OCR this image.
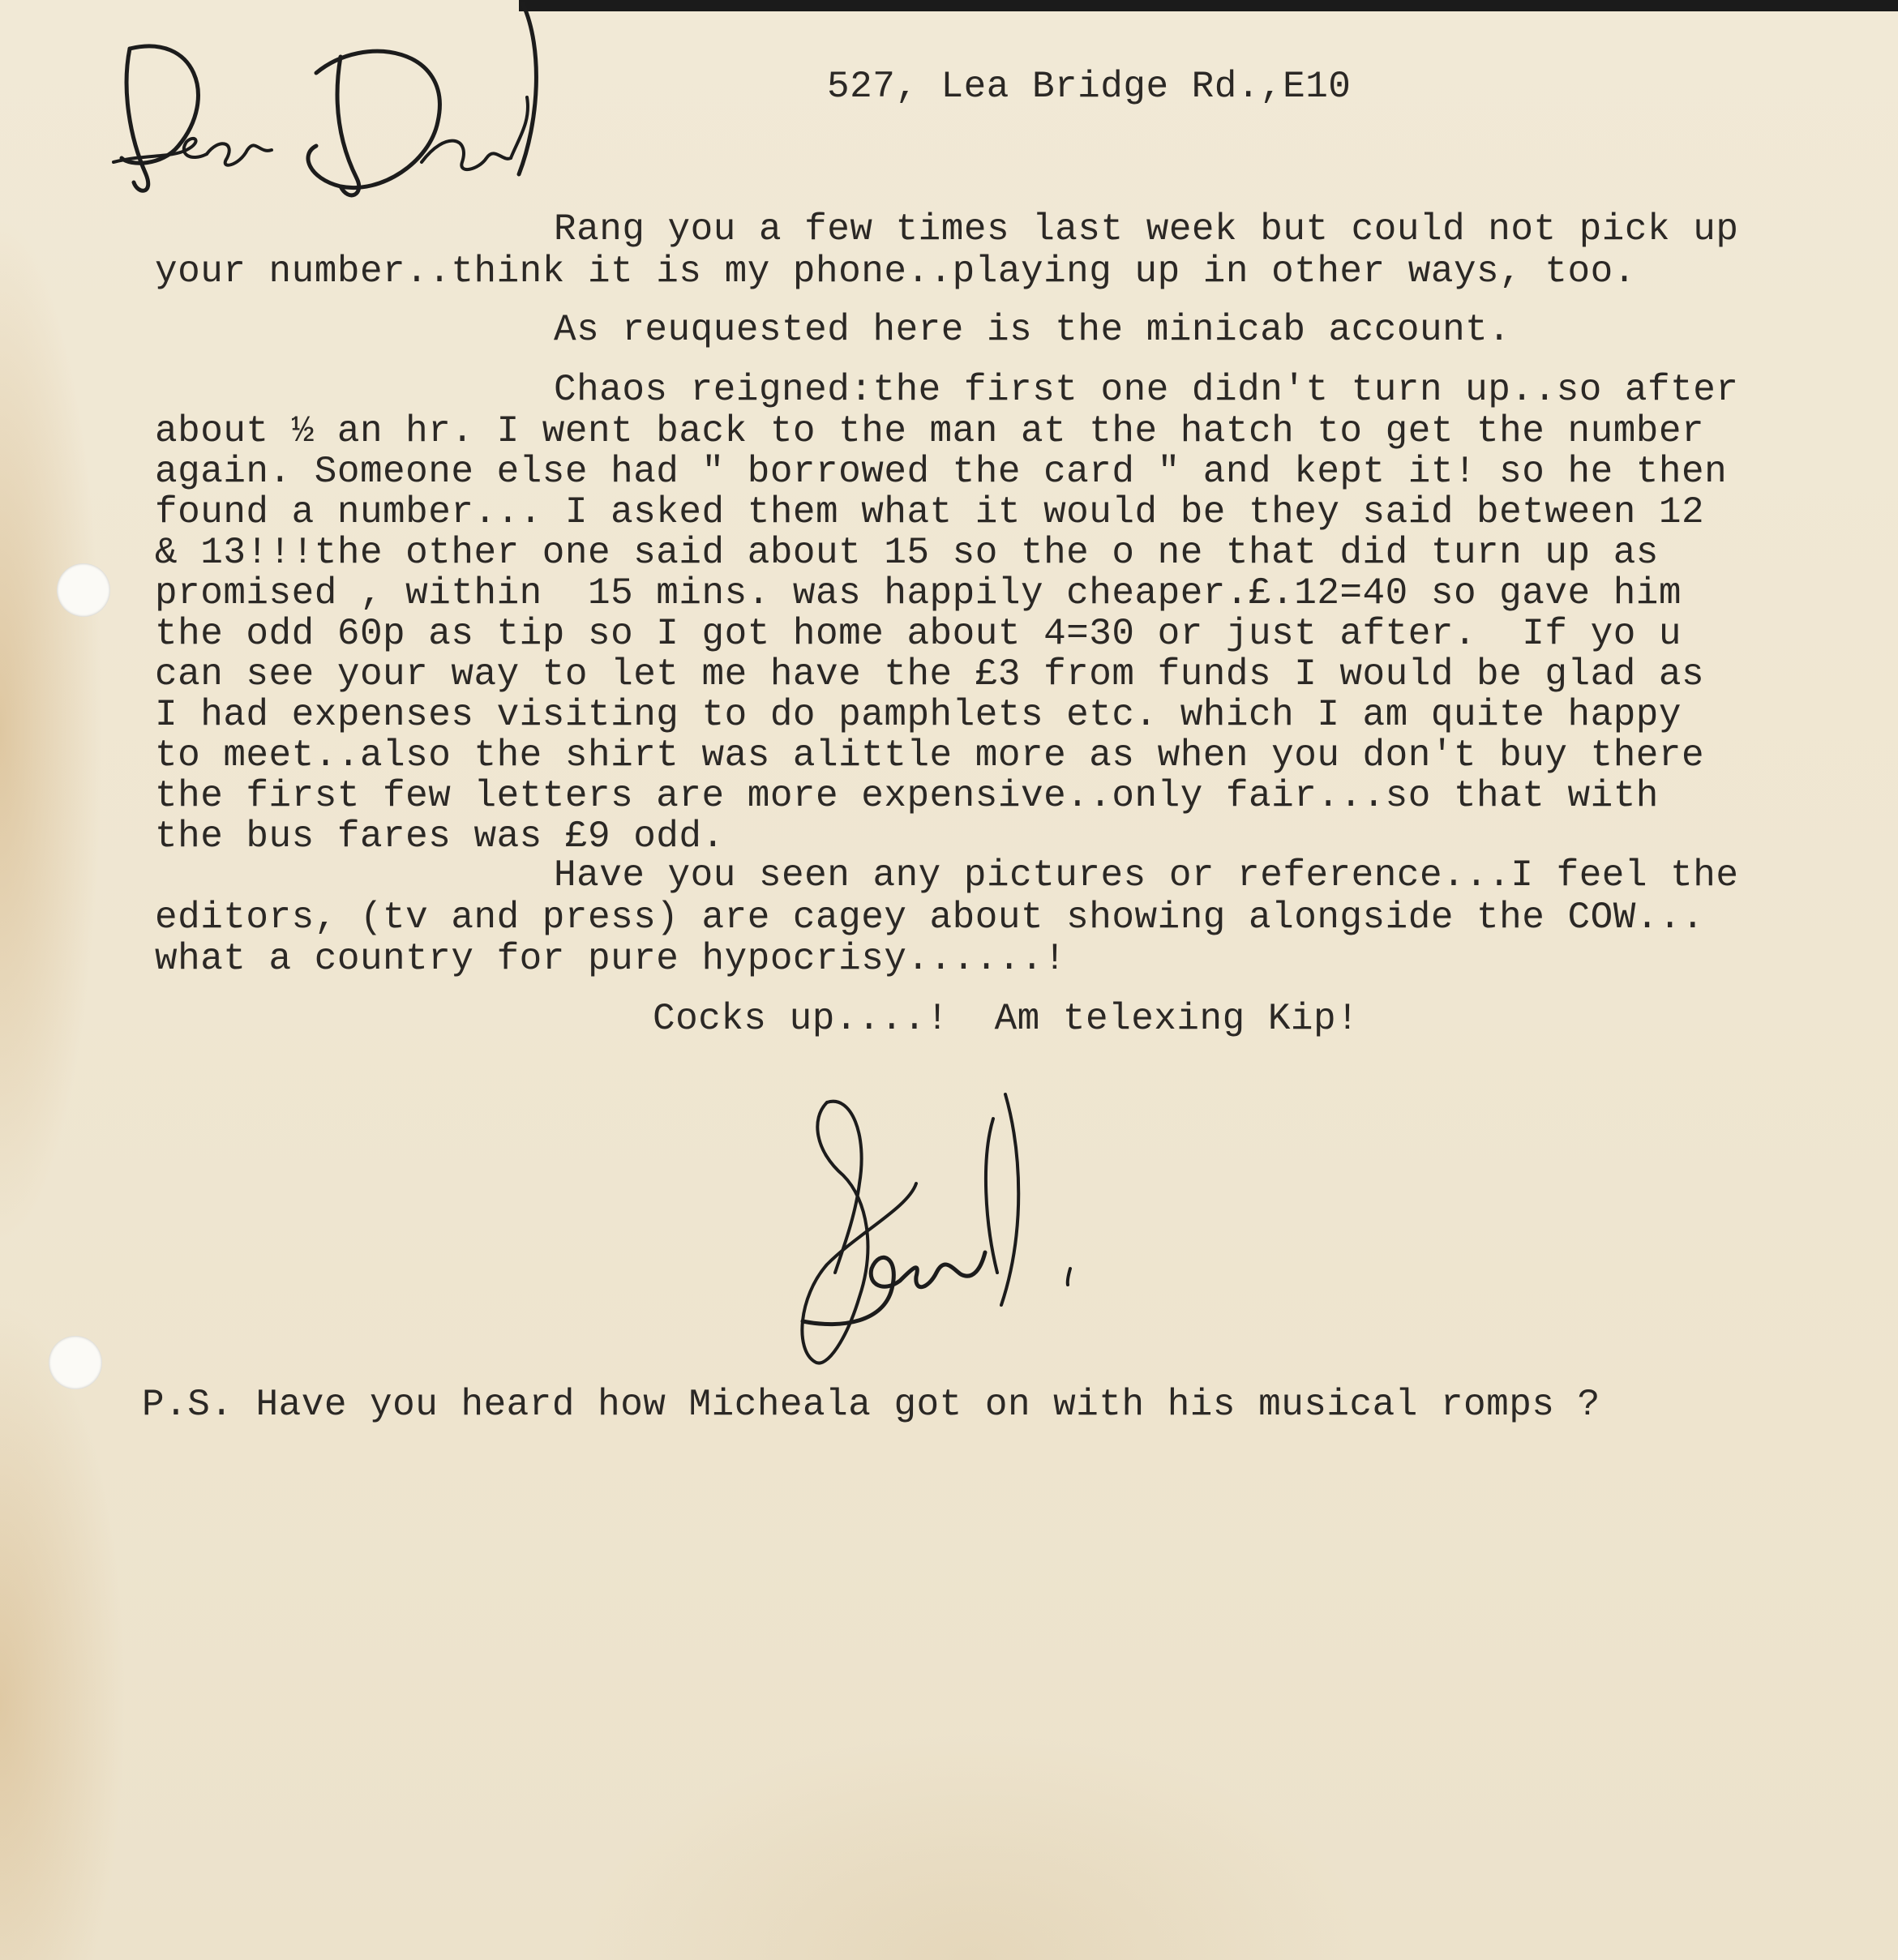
527, Lea Bridge Rd.,E10

Rang you a few times last week but could not pick up

your number..think it is my phone..playing up in other ways, too.

As reuquested here is the minicab account.

Chaos reigned:the first one didn't turn up..so after

about ½ an hr. I went back to the man at the hatch to get the number

again. Someone else had " borrowed the card " and kept it! so he then

found a number... I asked them what it would be they said between 12

& 13!!!the other one said about 15 so the o ne that did turn up as

promised , within  15 mins. was happily cheaper.£.12=40 so gave him

the odd 60p as tip so I got home about 4=30 or just after.  If yo u

can see your way to let me have the £3 from funds I would be glad as

I had expenses visiting to do pamphlets etc. which I am quite happy

to meet..also the shirt was alittle more as when you don't buy there

the first few letters are more expensive..only fair...so that with

the bus fares was £9 odd.

Have you seen any pictures or reference...I feel the

editors, (tv and press) are cagey about showing alongside the COW...

what a country for pure hypocrisy......!

Cocks up....!  Am telexing Kip!

P.S. Have you heard how Micheala got on with his musical romps ?
